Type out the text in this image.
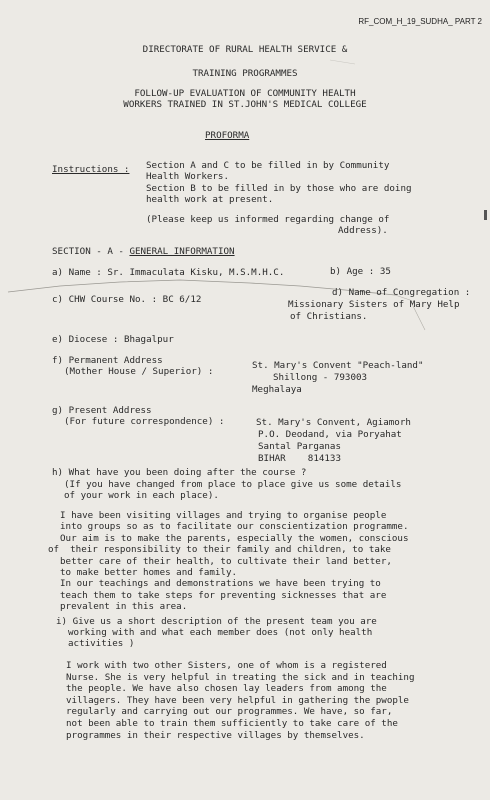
RF_COM_H_19_SUDHA_ PART 2
DIRECTORATE OF RURAL HEALTH SERVICE &
TRAINING PROGRAMMES
FOLLOW-UP EVALUATION OF COMMUNITY HEALTH
WORKERS TRAINED IN ST.JOHN'S MEDICAL COLLEGE
PROFORMA
Instructions : Section A and C to be filled in by Community
Health Workers.
Section B to be filled in by those who are doing
health work at present.
(Please keep us informed regarding change of
Address).
SECTION - A - GENERAL INFORMATION
a) Name : Sr. Immaculata Kisku, M.S.M.H.C.	b) Age : 35
c) CHW Course No. : BC 6/12
d) Name of Congregation :
Missionary Sisters of Mary Help
of Christians.
e) Diocese : Bhagalpur
f) Permanent Address
(Mother House / Superior) :
St. Mary's Convent "Peach-land"
Shillong - 793003
Meghalaya
g) Present Address
(For future correspondence) :	St. Mary's Convent, Agiamorh
P.O. Deodand, via Poryahat
Santal Parganas
BIHAR    814133
h) What have you been doing after the course ?
(If you have changed from place to place give us some details
of your work in each place).
I have been visiting villages and trying to organise people
into groups so as to facilitate our conscientization programme.
Our aim is to make the parents, especially the women, conscious
of  their responsibility to their family and children, to take
better care of their health, to cultivate their land better,
to make better homes and family.
In our teachings and demonstrations we have been trying to
teach them to take steps for preventing sicknesses that are
prevalent in this area.
i) Give us a short description of the present team you are
working with and what each member does (not only health
activities )
I work with two other Sisters, one of whom is a registered
Nurse. She is very helpful in treating the sick and in teaching
the people. We have also chosen lay leaders from among the
villagers. They have been very helpful in gathering the pwople
regularly and carrying out our programmes. We have, so far,
not been able to train them sufficiently to take care of the
programmes in their respective villages by themselves.
